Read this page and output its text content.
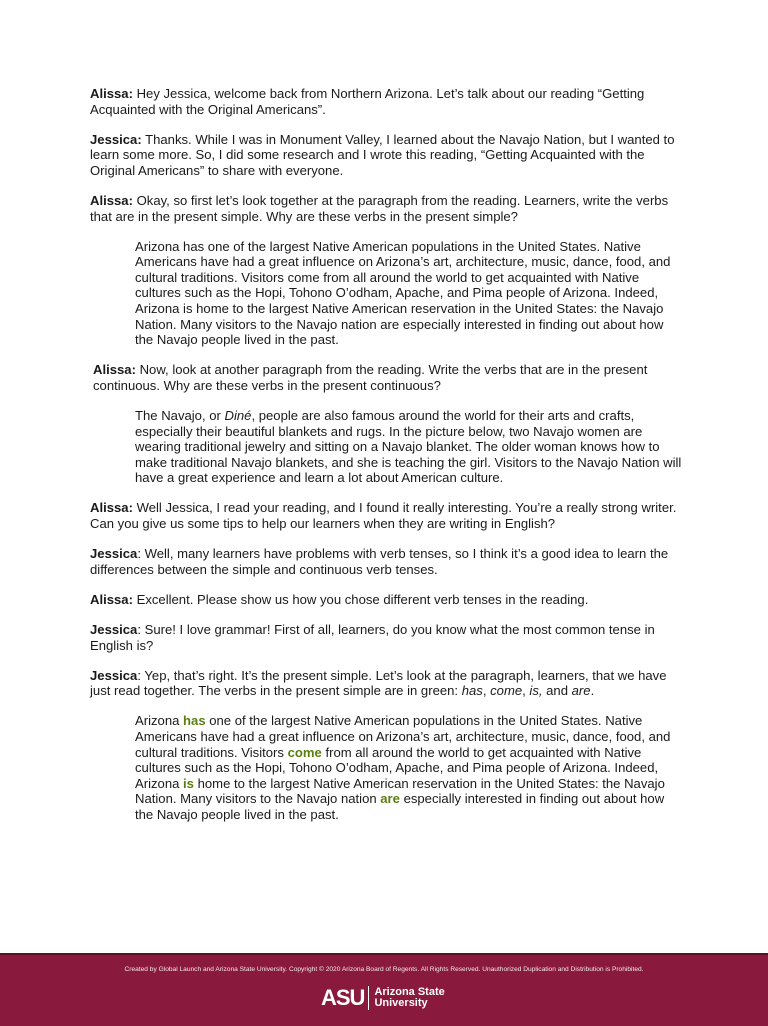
Alissa: Hey Jessica, welcome back from Northern Arizona. Let’s talk about our reading “Getting Acquainted with the Original Americans”.

Jessica: Thanks. While I was in Monument Valley, I learned about the Navajo Nation, but I wanted to learn some more. So, I did some research and I wrote this reading, “Getting Acquainted with the Original Americans” to share with everyone.

Alissa: Okay, so first let’s look together at the paragraph from the reading. Learners, write the verbs that are in the present simple. Why are these verbs in the present simple?

Arizona has one of the largest Native American populations in the United States. Native Americans have had a great influence on Arizona’s art, architecture, music, dance, food, and cultural traditions. Visitors come from all around the world to get acquainted with Native cultures such as the Hopi, Tohono O’odham, Apache, and Pima people of Arizona. Indeed, Arizona is home to the largest Native American reservation in the United States: the Navajo Nation. Many visitors to the Navajo nation are especially interested in finding out about how the Navajo people lived in the past.

Alissa: Now, look at another paragraph from the reading. Write the verbs that are in the present continuous. Why are these verbs in the present continuous?

The Navajo, or Diné, people are also famous around the world for their arts and crafts, especially their beautiful blankets and rugs. In the picture below, two Navajo women are wearing traditional jewelry and sitting on a Navajo blanket. The older woman knows how to make traditional Navajo blankets, and she is teaching the girl. Visitors to the Navajo Nation will have a great experience and learn a lot about American culture.

Alissa: Well Jessica, I read your reading, and I found it really interesting. You’re a really strong writer. Can you give us some tips to help our learners when they are writing in English?

Jessica: Well, many learners have problems with verb tenses, so I think it’s a good idea to learn the differences between the simple and continuous verb tenses.

Alissa: Excellent. Please show us how you chose different verb tenses in the reading.

Jessica: Sure! I love grammar! First of all, learners, do you know what the most common tense in English is?

Jessica: Yep, that’s right. It’s the present simple. Let’s look at the paragraph, learners, that we have just read together. The verbs in the present simple are in green: has, come, is, and are.

Arizona has one of the largest Native American populations in the United States. Native Americans have had a great influence on Arizona’s art, architecture, music, dance, food, and cultural traditions. Visitors come from all around the world to get acquainted with Native cultures such as the Hopi, Tohono O’odham, Apache, and Pima people of Arizona. Indeed, Arizona is home to the largest Native American reservation in the United States: the Navajo Nation. Many visitors to the Navajo nation are especially interested in finding out about how the Navajo people lived in the past.

Created by Global Launch and Arizona State University. Copyright © 2020 Arizona Board of Regents. All Rights Reserved. Unauthorized Duplication and Distribution is Prohibited.
ASU Arizona State
University
